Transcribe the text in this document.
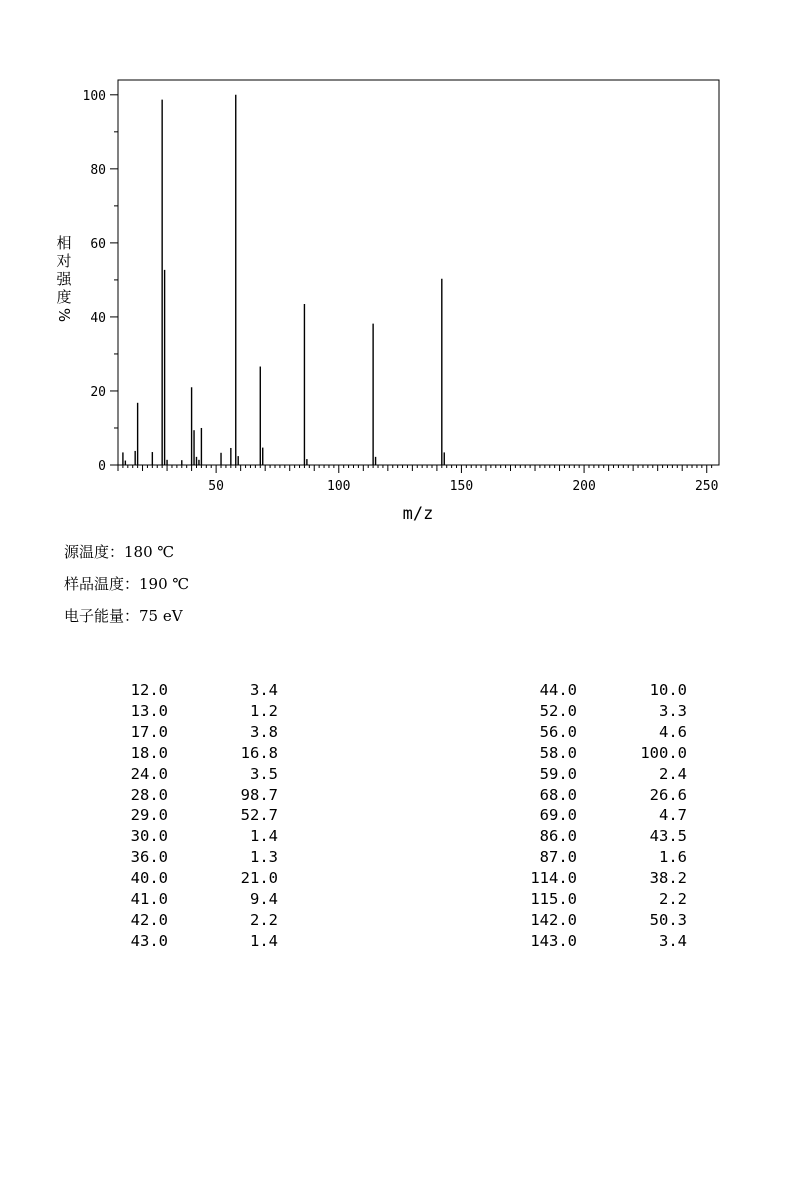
0
20
40
60
80
100
50	100	150	200	250
m/z
相
对
强
度
%
源温度：180 ℃
样品温度：190 ℃
电子能量：75 eV
12.0	3.4
13.0	1.2
17.0	3.8
18.0	16.8
24.0	3.5
28.0	98.7
29.0	52.7
30.0	1.4
36.0	1.3
40.0	21.0
41.0	9.4
42.0	2.2
43.0	1.4
44.0	10.0
52.0	3.3
56.0	4.6
58.0	100.0
59.0	2.4
68.0	26.6
69.0	4.7
86.0	43.5
87.0	1.6
114.0	38.2
115.0	2.2
142.0	50.3
143.0	3.4
